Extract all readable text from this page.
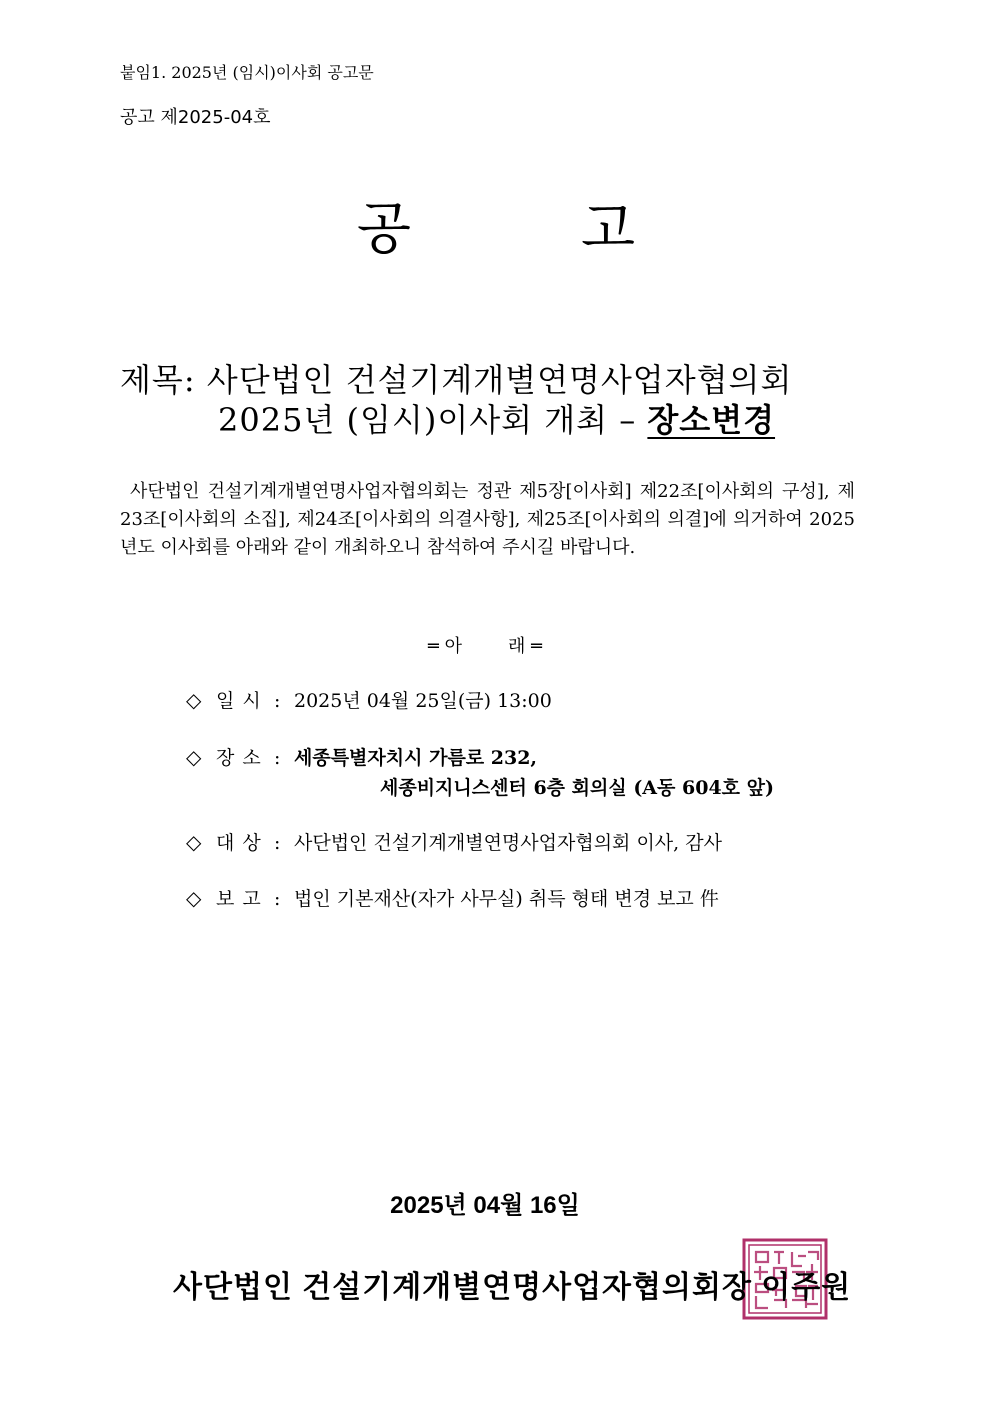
붙임1. 2025년 (임시)이사회 공고문
공고 제2025-04호
공	고
제목: 사단법인 건설기계개별연명사업자협의회
2025년 (임시)이사회 개최 – 장소변경
사단법인 건설기계개별연명사업자협의회는 정관 제5장[이사회] 제22조[이사회의 구성], 제23조[이사회의 소집], 제24조[이사회의 의결사항], 제25조[이사회의 의결]에 의거하여 2025년도 이사회를 아래와 같이 개최하오니 참석하여 주시길 바랍니다.
═ 아	래 ═
◇ 일 시 : 2025년 04월 25일(금) 13:00
◇ 장 소 : 세종특별자치시 가름로 232,
세종비지니스센터 6층 회의실 (A동 604호 앞)
◇ 대 상 : 사단법인 건설기계개별연명사업자협의회 이사, 감사
◇ 보 고 : 법인 기본재산(자가 사무실) 취득 형태 변경 보고 件
2025년 04월 16일
사단법인 건설기계개별연명사업자협의회장 이주원
